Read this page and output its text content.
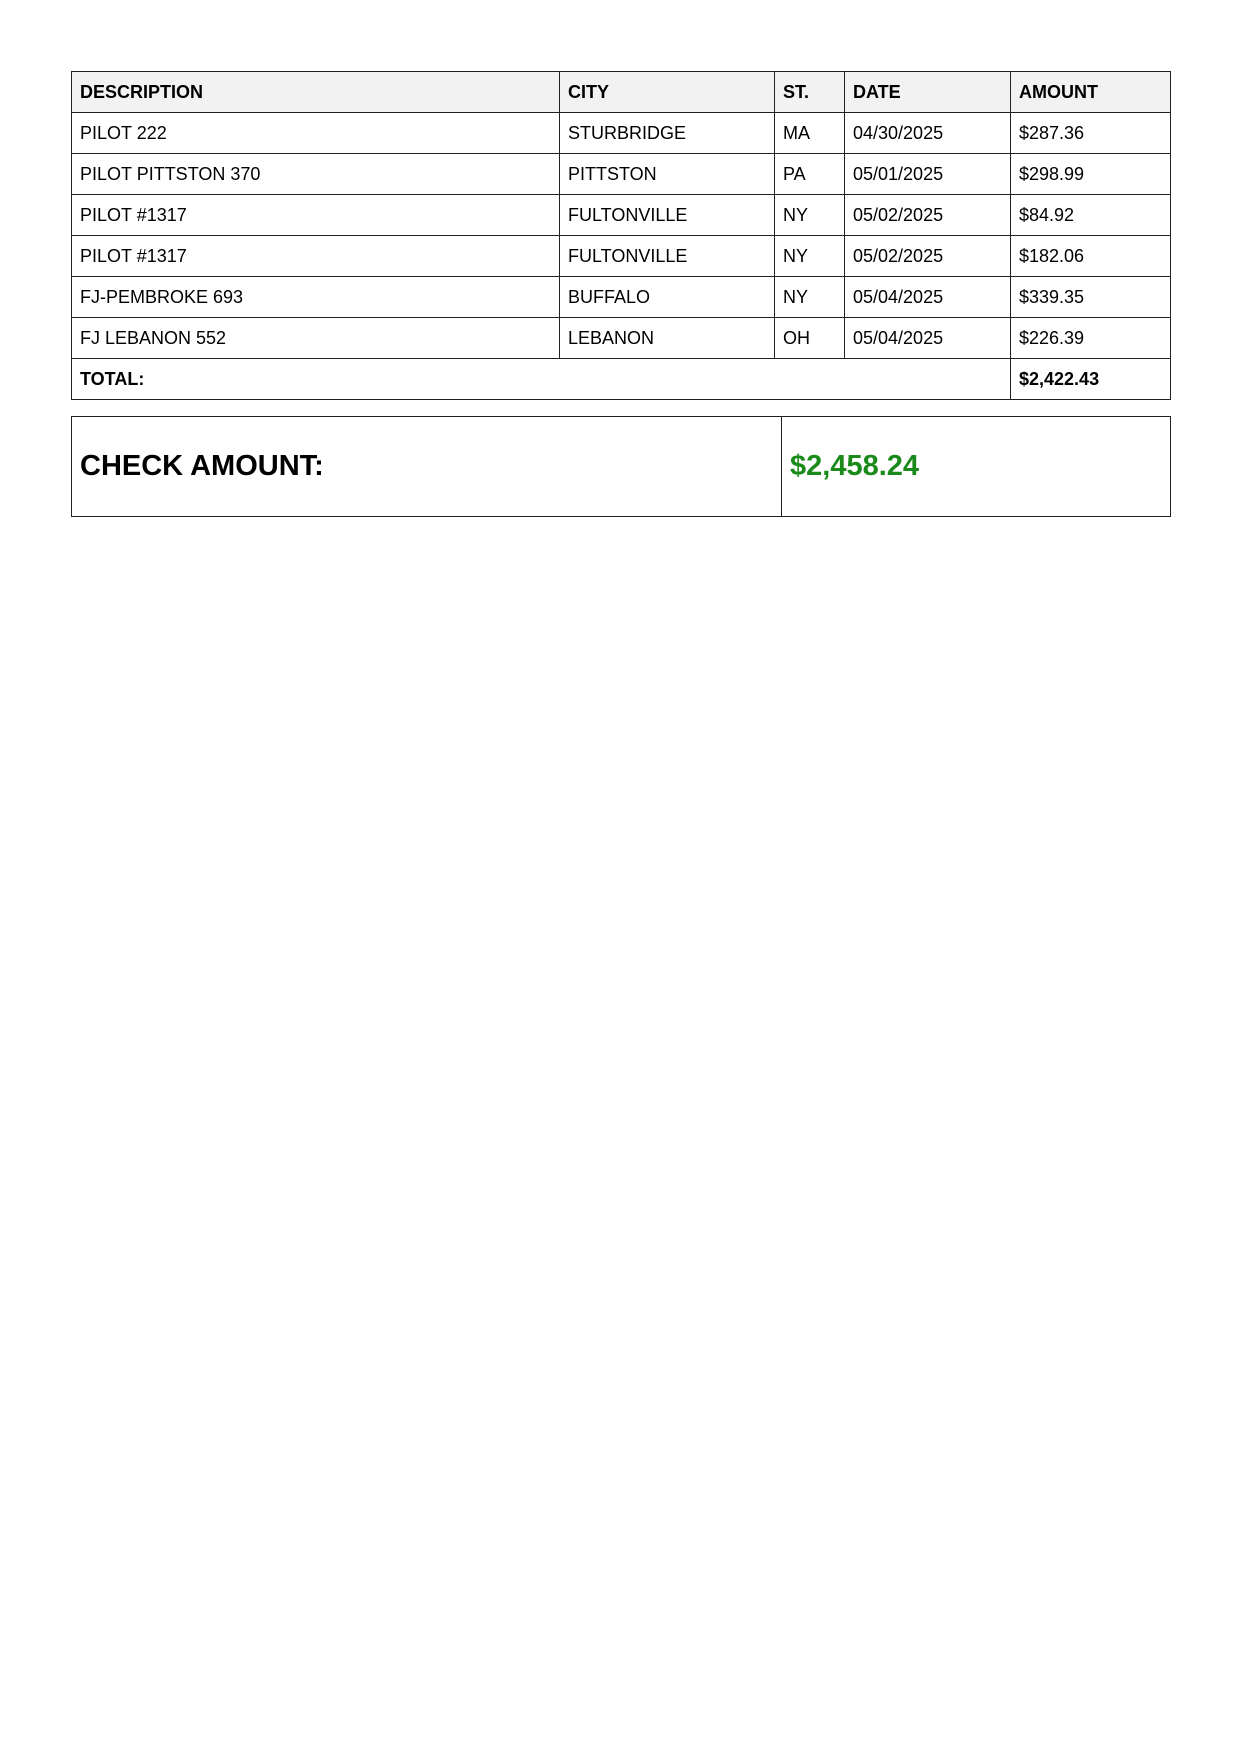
DESCRIPTION	CITY	ST.	DATE	AMOUNT
PILOT 222	STURBRIDGE	MA	04/30/2025	$287.36
PILOT PITTSTON 370	PITTSTON	PA	05/01/2025	$298.99
PILOT #1317	FULTONVILLE	NY	05/02/2025	$84.92
PILOT #1317	FULTONVILLE	NY	05/02/2025	$182.06
FJ-PEMBROKE 693	BUFFALO	NY	05/04/2025	$339.35
FJ LEBANON 552	LEBANON	OH	05/04/2025	$226.39
TOTAL:				$2,422.43
CHECK AMOUNT:	$2,458.24
